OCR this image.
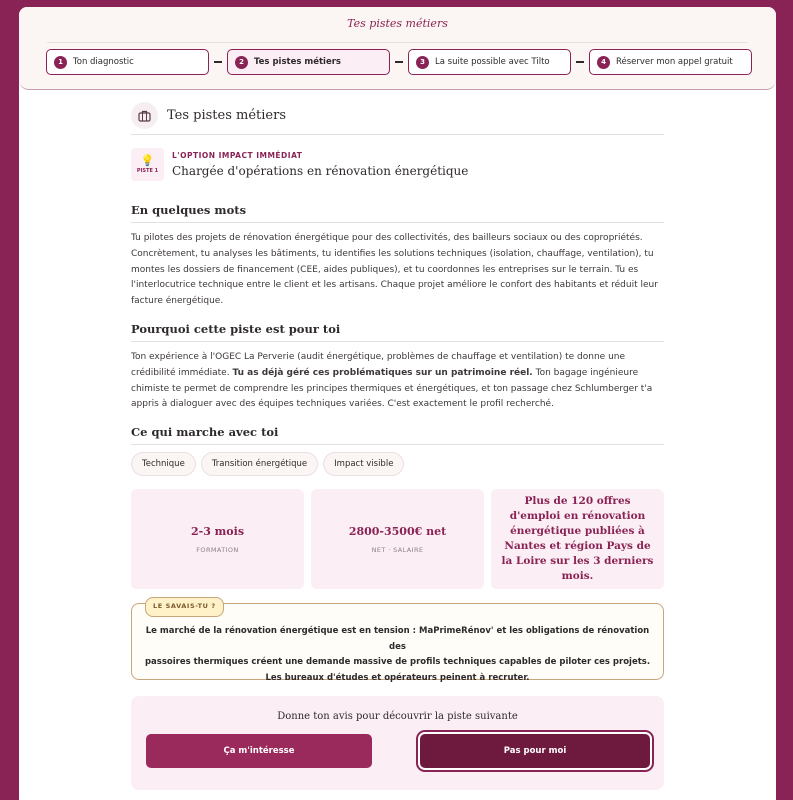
Tes pistes métiers
1	Ton diagnostic	2	Tes pistes métiers	3	La suite possible avec Tilto	4	Réserver mon appel gratuit
Tes pistes métiers
💡
PISTE 1
L'OPTION IMPACT IMMÉDIAT
Chargée d'opérations en rénovation énergétique
En quelques mots

Tu pilotes des projets de rénovation énergétique pour des collectivités, des bailleurs sociaux ou des copropriétés. Concrètement, tu analyses les bâtiments, tu identifies les solutions techniques (isolation, chauffage, ventilation), tu montes les dossiers de financement (CEE, aides publiques), et tu coordonnes les entreprises sur le terrain. Tu es l'interlocutrice technique entre le client et les artisans. Chaque projet améliore le confort des habitants et réduit leur facture énergétique.

Pourquoi cette piste est pour toi

Ton expérience à l'OGEC La Perverie (audit énergétique, problèmes de chauffage et ventilation) te donne une crédibilité immédiate. Tu as déjà géré ces problématiques sur un patrimoine réel. Ton bagage ingénieure chimiste te permet de comprendre les principes thermiques et énergétiques, et ton passage chez Schlumberger t'a appris à dialoguer avec des équipes techniques variées. C'est exactement le profil recherché.

Ce qui marche avec toi
Technique	Transition énergétique	Impact visible
2-3 mois
FORMATION
2800-3500€ net
NET · SALAIRE
Plus de 120 offres d'emploi en rénovation énergétique publiées à Nantes et région Pays de la Loire sur les 3 derniers mois.
LE SAVAIS-TU ?
Le marché de la rénovation énergétique est en tension : MaPrimeRénov' et les obligations de rénovation des
passoires thermiques créent une demande massive de profils techniques capables de piloter ces projets.
Les bureaux d'études et opérateurs peinent à recruter.
Donne ton avis pour découvrir la piste suivante
Ça m'intéresse	Pas pour moi
